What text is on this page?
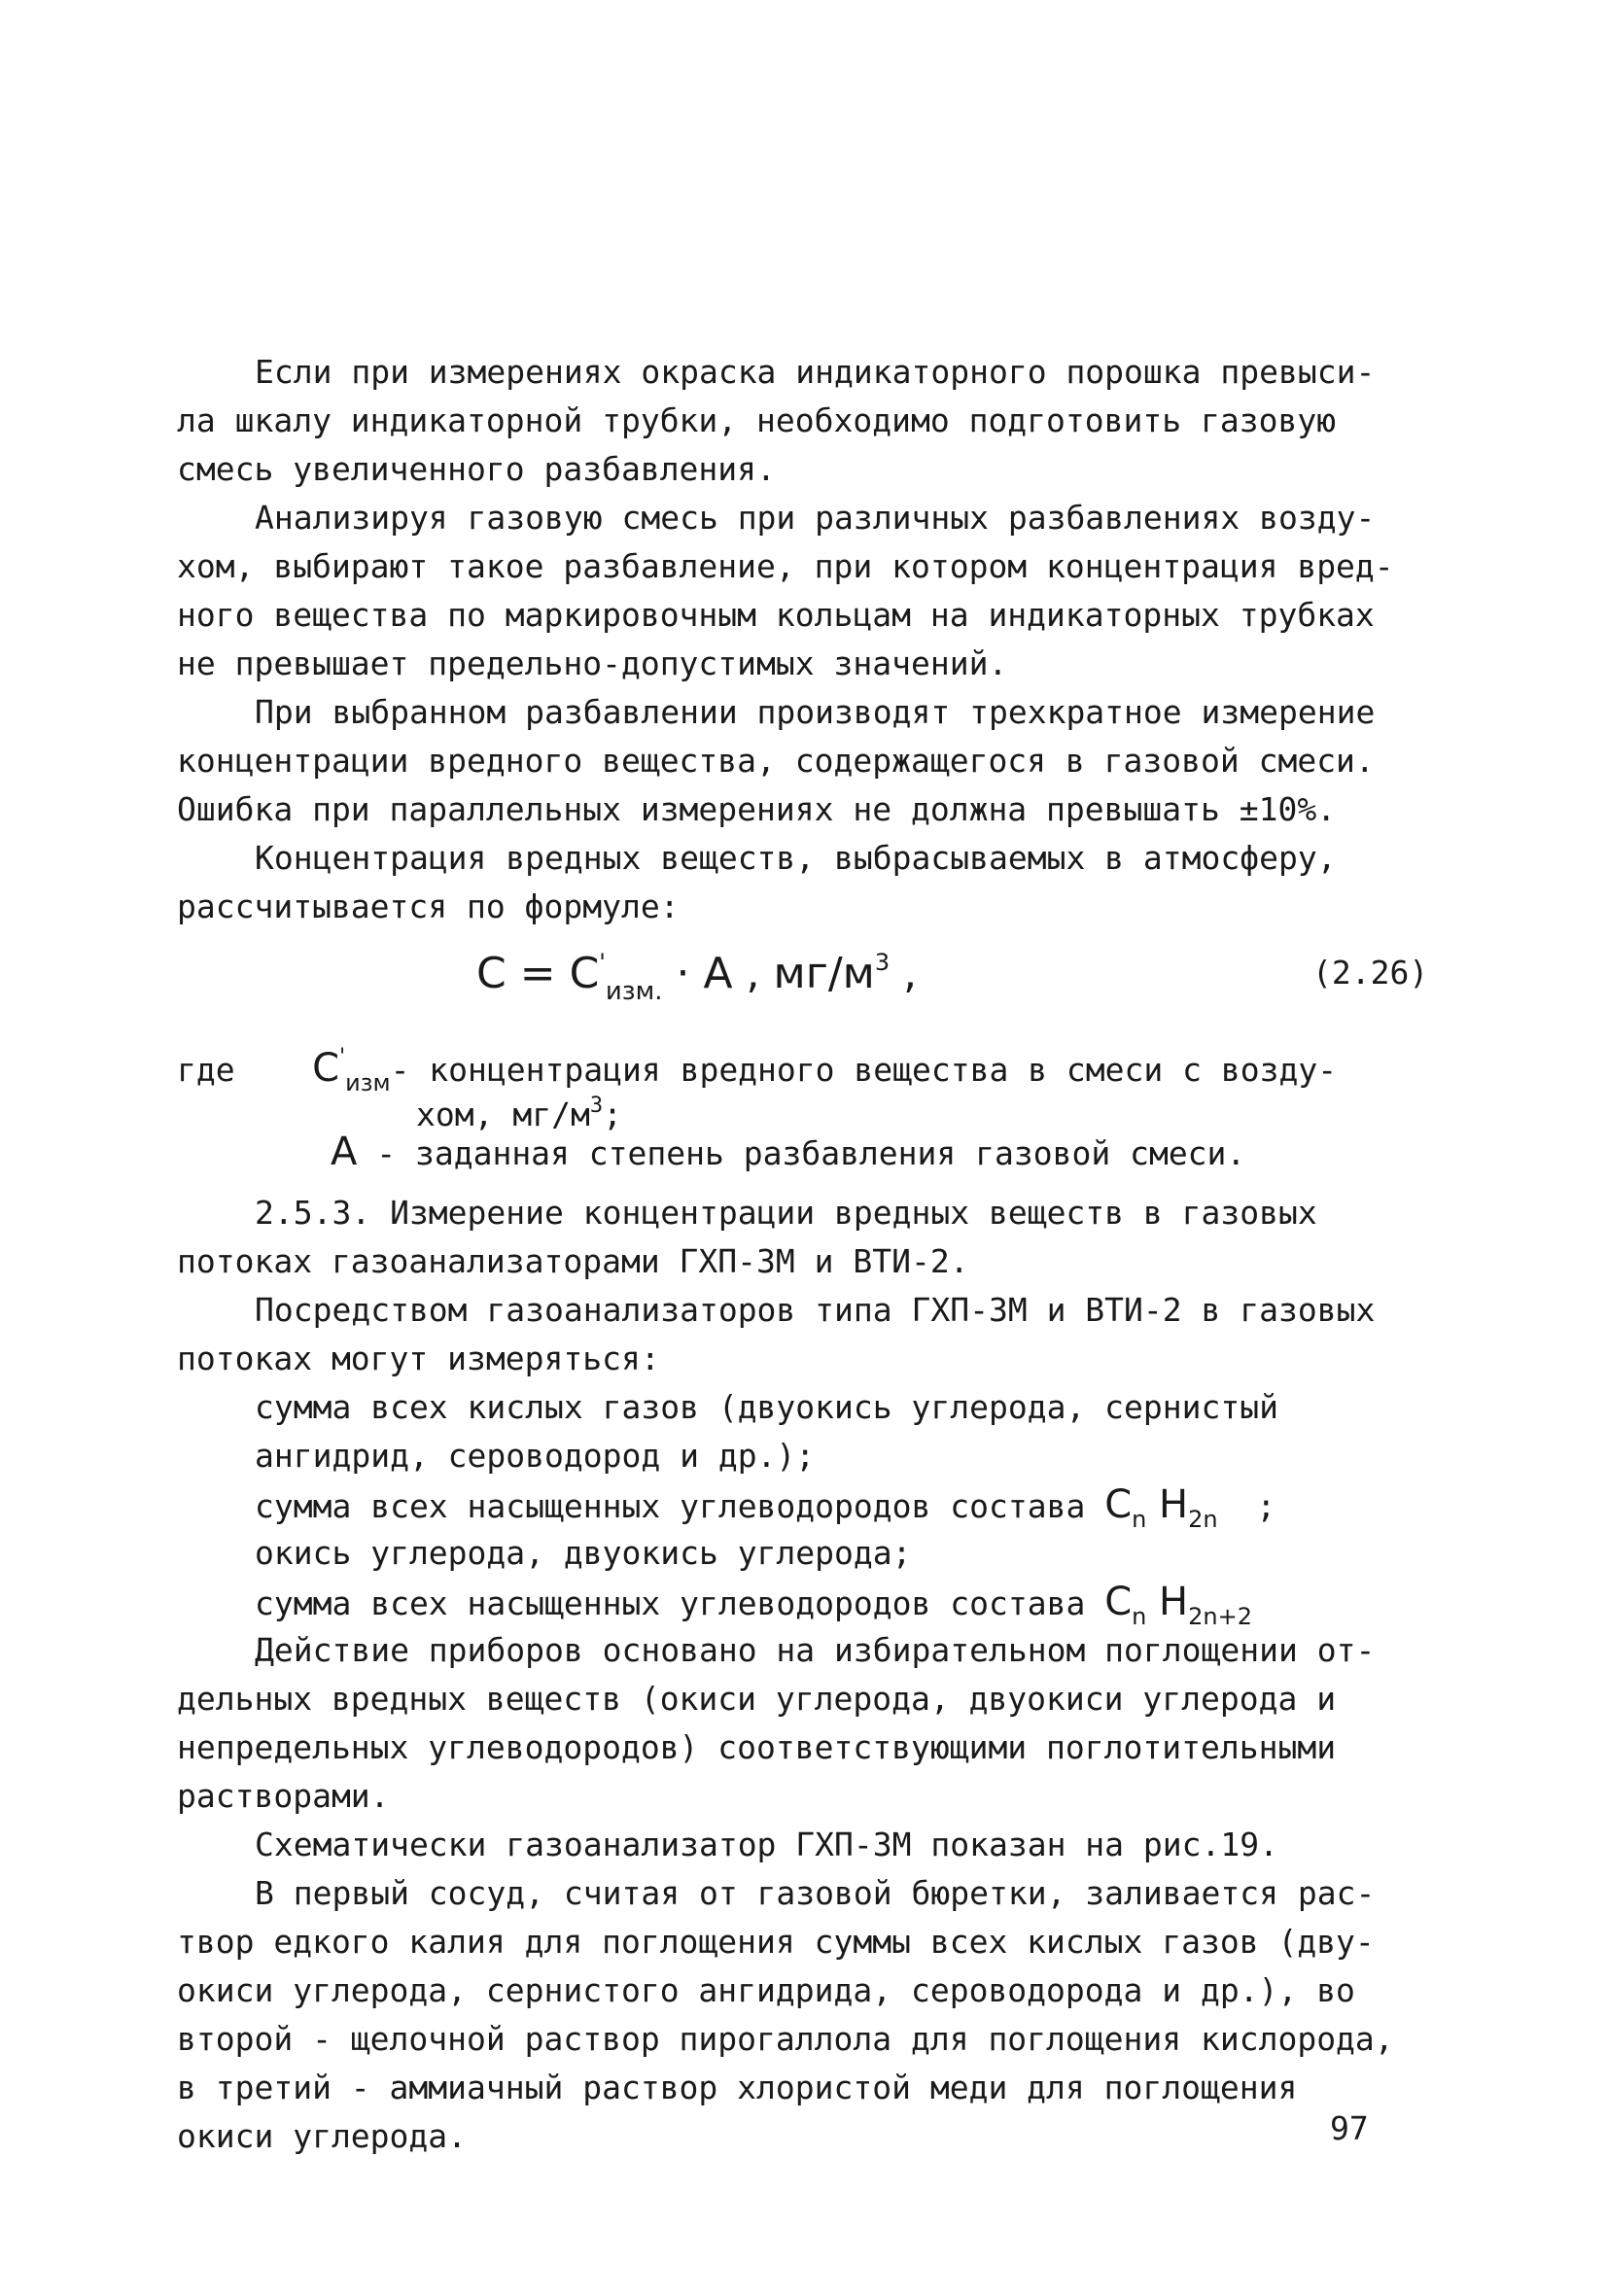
Если при измерениях окраска индикаторного порошка превыси-
ла шкалу индикаторной трубки, необходимо подготовить газовую
смесь увеличенного разбавления.
Анализируя газовую смесь при различных разбавлениях возду-
хом, выбирают такое разбавление, при котором концентрация вред-
ного вещества по маркировочным кольцам на индикаторных трубках
не превышает предельно-допустимых значений.
При выбранном разбавлении производят трехкратное измерение
концентрации вредного вещества, содержащегося в газовой смеси.
Ошибка при параллельных измерениях не должна превышать ±10%.
Концентрация вредных веществ, выбрасываемых в атмосферу,
рассчитывается по формуле:
$C = C'_{изм.} \cdot A$ , $мг/м^3$ ,	(2.26)
где $C'_{изм}-$ концентрация вредного вещества в смеси с возду-
хом, $мг/м^3$;
A - заданная степень разбавления газовой смеси.
2.5.3. Измерение концентрации вредных веществ в газовых
потоках газоанализаторами ГХП-3М и ВТИ-2.
Посредством газоанализаторов типа ГХП-3М и ВТИ-2 в газовых
потоках могут измеряться:
сумма всех кислых газов (двуокись углерода, сернистый
ангидрид, сероводород и др.);
сумма всех насыщенных углеводородов состава $C_n$ $H_{2n}$  ;
окись углерода, двуокись углерода;
сумма всех насыщенных углеводородов состава $C_n$ $H_{2n+2}$
Действие приборов основано на избирательном поглощении от-
дельных вредных веществ (окиси углерода, двуокиси углерода и
непредельных углеводородов) соответствующими поглотительными
растворами.
Схематически газоанализатор ГХП-3М показан на рис.19.
В первый сосуд, считая от газовой бюретки, заливается рас-
твор едкого калия для поглощения суммы всех кислых газов (дву-
окиси углерода, сернистого ангидрида, сероводорода и др.), во
второй - щелочной раствор пирогаллола для поглощения кислорода,
в третий - аммиачный раствор хлористой меди для поглощения
окиси углерода.	97
